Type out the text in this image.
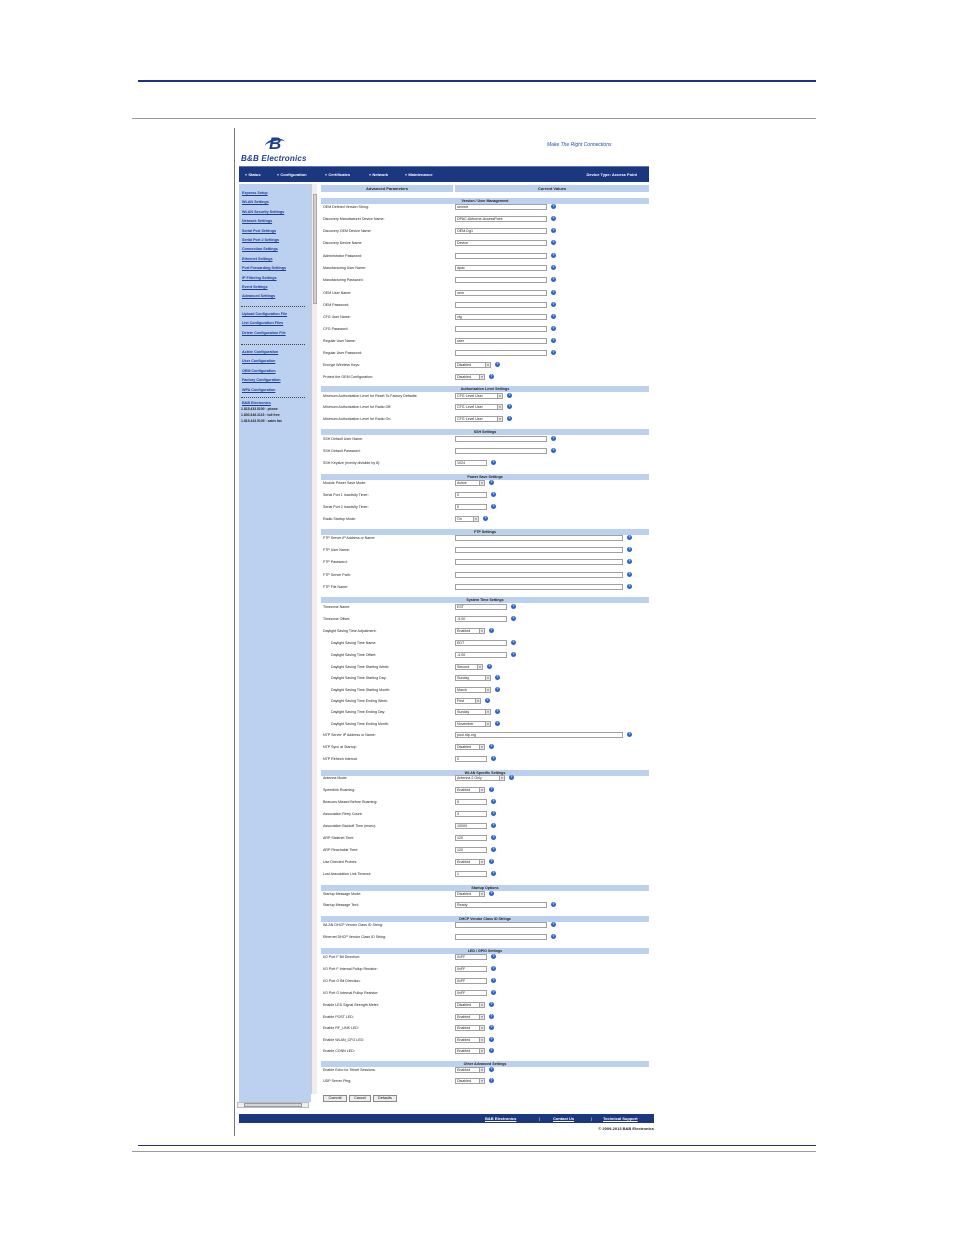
B
B&B Electronics
Make The Right Connections
» Status	» Configuration	» Certificates	» Network	» Maintenance	Device Type: Access Point
Express Setup
WLAN Settings
WLAN Security Settings
Network Settings
Serial Port Settings
Serial Port 2 Settings
Connection Settings
Ethernet Settings
Port Forwarding Settings
IP Filtering Settings
Event Settings
Advanced Settings
Upload Configuration File
List Configuration Files
Delete Configuration File
Active Configuration
User Configuration
OEM Configuration
Factory Configuration
WPA Configuration
B&B Electronics
1.815.433.5100 : phone
1.800.346.3119 : toll free
1.815.433.5109 : sales fax
Advanced Parameters	Current Values
Version / User Management
Authorization Level Settings
SSH Settings
Power Save Settings
FTP Settings
System Time Settings
WLAN Specific Settings
Startup Options
DHCP Vendor Class ID Strings
LED / GPIO Settings
Other Advanced Settings
OEM Defined Version String:	oemstr	?
Discovery Manufacturer Device Name:	DPAC-Airborne-AccessPoint	?
Discovery OEM Device Name:	OEM-Dg1	?
Discovery Device Name:	Device	?
Administrator Password:	?
Manufacturing User Name:	dpac	?
Manufacturing Password:	?
OEM User Name:	oem	?
OEM Password:	?
CFG User Name:	cfg	?
CFG Password:	?
Regular User Name:	user	?
Regular User Password:	?
Encrypt Wireless Keys:	Disabled	▾	?
Protect the OEM Configuration:	Disabled	▾	?
Minimum Authorization Level for Reset To Factory Defaults:	CFG Level User	▾	?
Minimum Authorization Level for Radio Off:	CFG Level User	▾	?
Minimum Authorization Level for Radio On:	CFG Level User	▾	?
SSH Default User Name:	?
SSH Default Password:	?
SSH Keysize (evenly divisible by 8):	1024	?
Module Power Save Mode:	Active	▾	?
Serial Port 1 Inactivity Timer:	0	?
Serial Port 2 Inactivity Timer:	0	?
Radio Startup Mode:	On	▾	?
FTP Server IP Address or Name:	?
FTP User Name:	?
FTP Password:	?
FTP Server Path:	?
FTP File Name:	?
Timezone Name:	EST	?
Timezone Offset:	-5.00	?
Daylight Saving Time Adjustment:	Enabled	▾	?
Daylight Saving Time Name:	EDT	?
Daylight Saving Time Offset:	-4.00	?
Daylight Saving Time Starting Week:	Second	▾	?
Daylight Saving Time Starting Day:	Sunday	▾	?
Daylight Saving Time Starting Month:	March	▾	?
Daylight Saving Time Ending Week:	First	▾	?
Daylight Saving Time Ending Day:	Sunday	▾	?
Daylight Saving Time Ending Month:	November	▾	?
NTP Server IP Address or Name:	pool.ntp.org	?
NTP Sync at Startup:	Disabled	▾	?
NTP Refresh Interval:	0	?
Antenna Mode:	Antenna 2 Only	▾	?
Speedlink Roaming:	Enabled	▾	?
Beacons Missed Before Roaming:	5	?
Association Retry Count:	3	?
Association Backoff Time (msec):	10000	?
ARP Stalenet Time:	120	?
ARP Reachable Time:	120	?
Use Directed Probes:	Enabled	▾	?
Lost Association Link Timeout:	1	?
Startup Message Mode:	Disabled	▾	?
Startup Message Text:	Ready	?
WLAN DHCP Vendor Class ID String:	?
Ethernet DHCP Vendor Class ID String:	?
I/O Port F Bit Direction:	0xFF	?
I/O Port F Internal Pullup Resistor:	0xFF	?
I/O Port G Bit Direction:	0xFF	?
I/O Port G Internal Pullup Resistor:	0xFF	?
Enable LED Signal Strength Meter:	Disabled	▾	?
Enable POST LED:	Enabled	▾	?
Enable RF_LINK LED:	Enabled	▾	?
Enable WLAN_CFG LED:	Enabled	▾	?
Enable CONN LED:	Enabled	▾	?
Enable Echo for Telnet Sessions:	Enabled	▾	?
UDP Server Ping:	Disabled	▾	?
Commit	Cancel	Defaults
B&B Electronics	|	Contact Us	|	Technical Support
© 2009-2013 B&B Electronics
